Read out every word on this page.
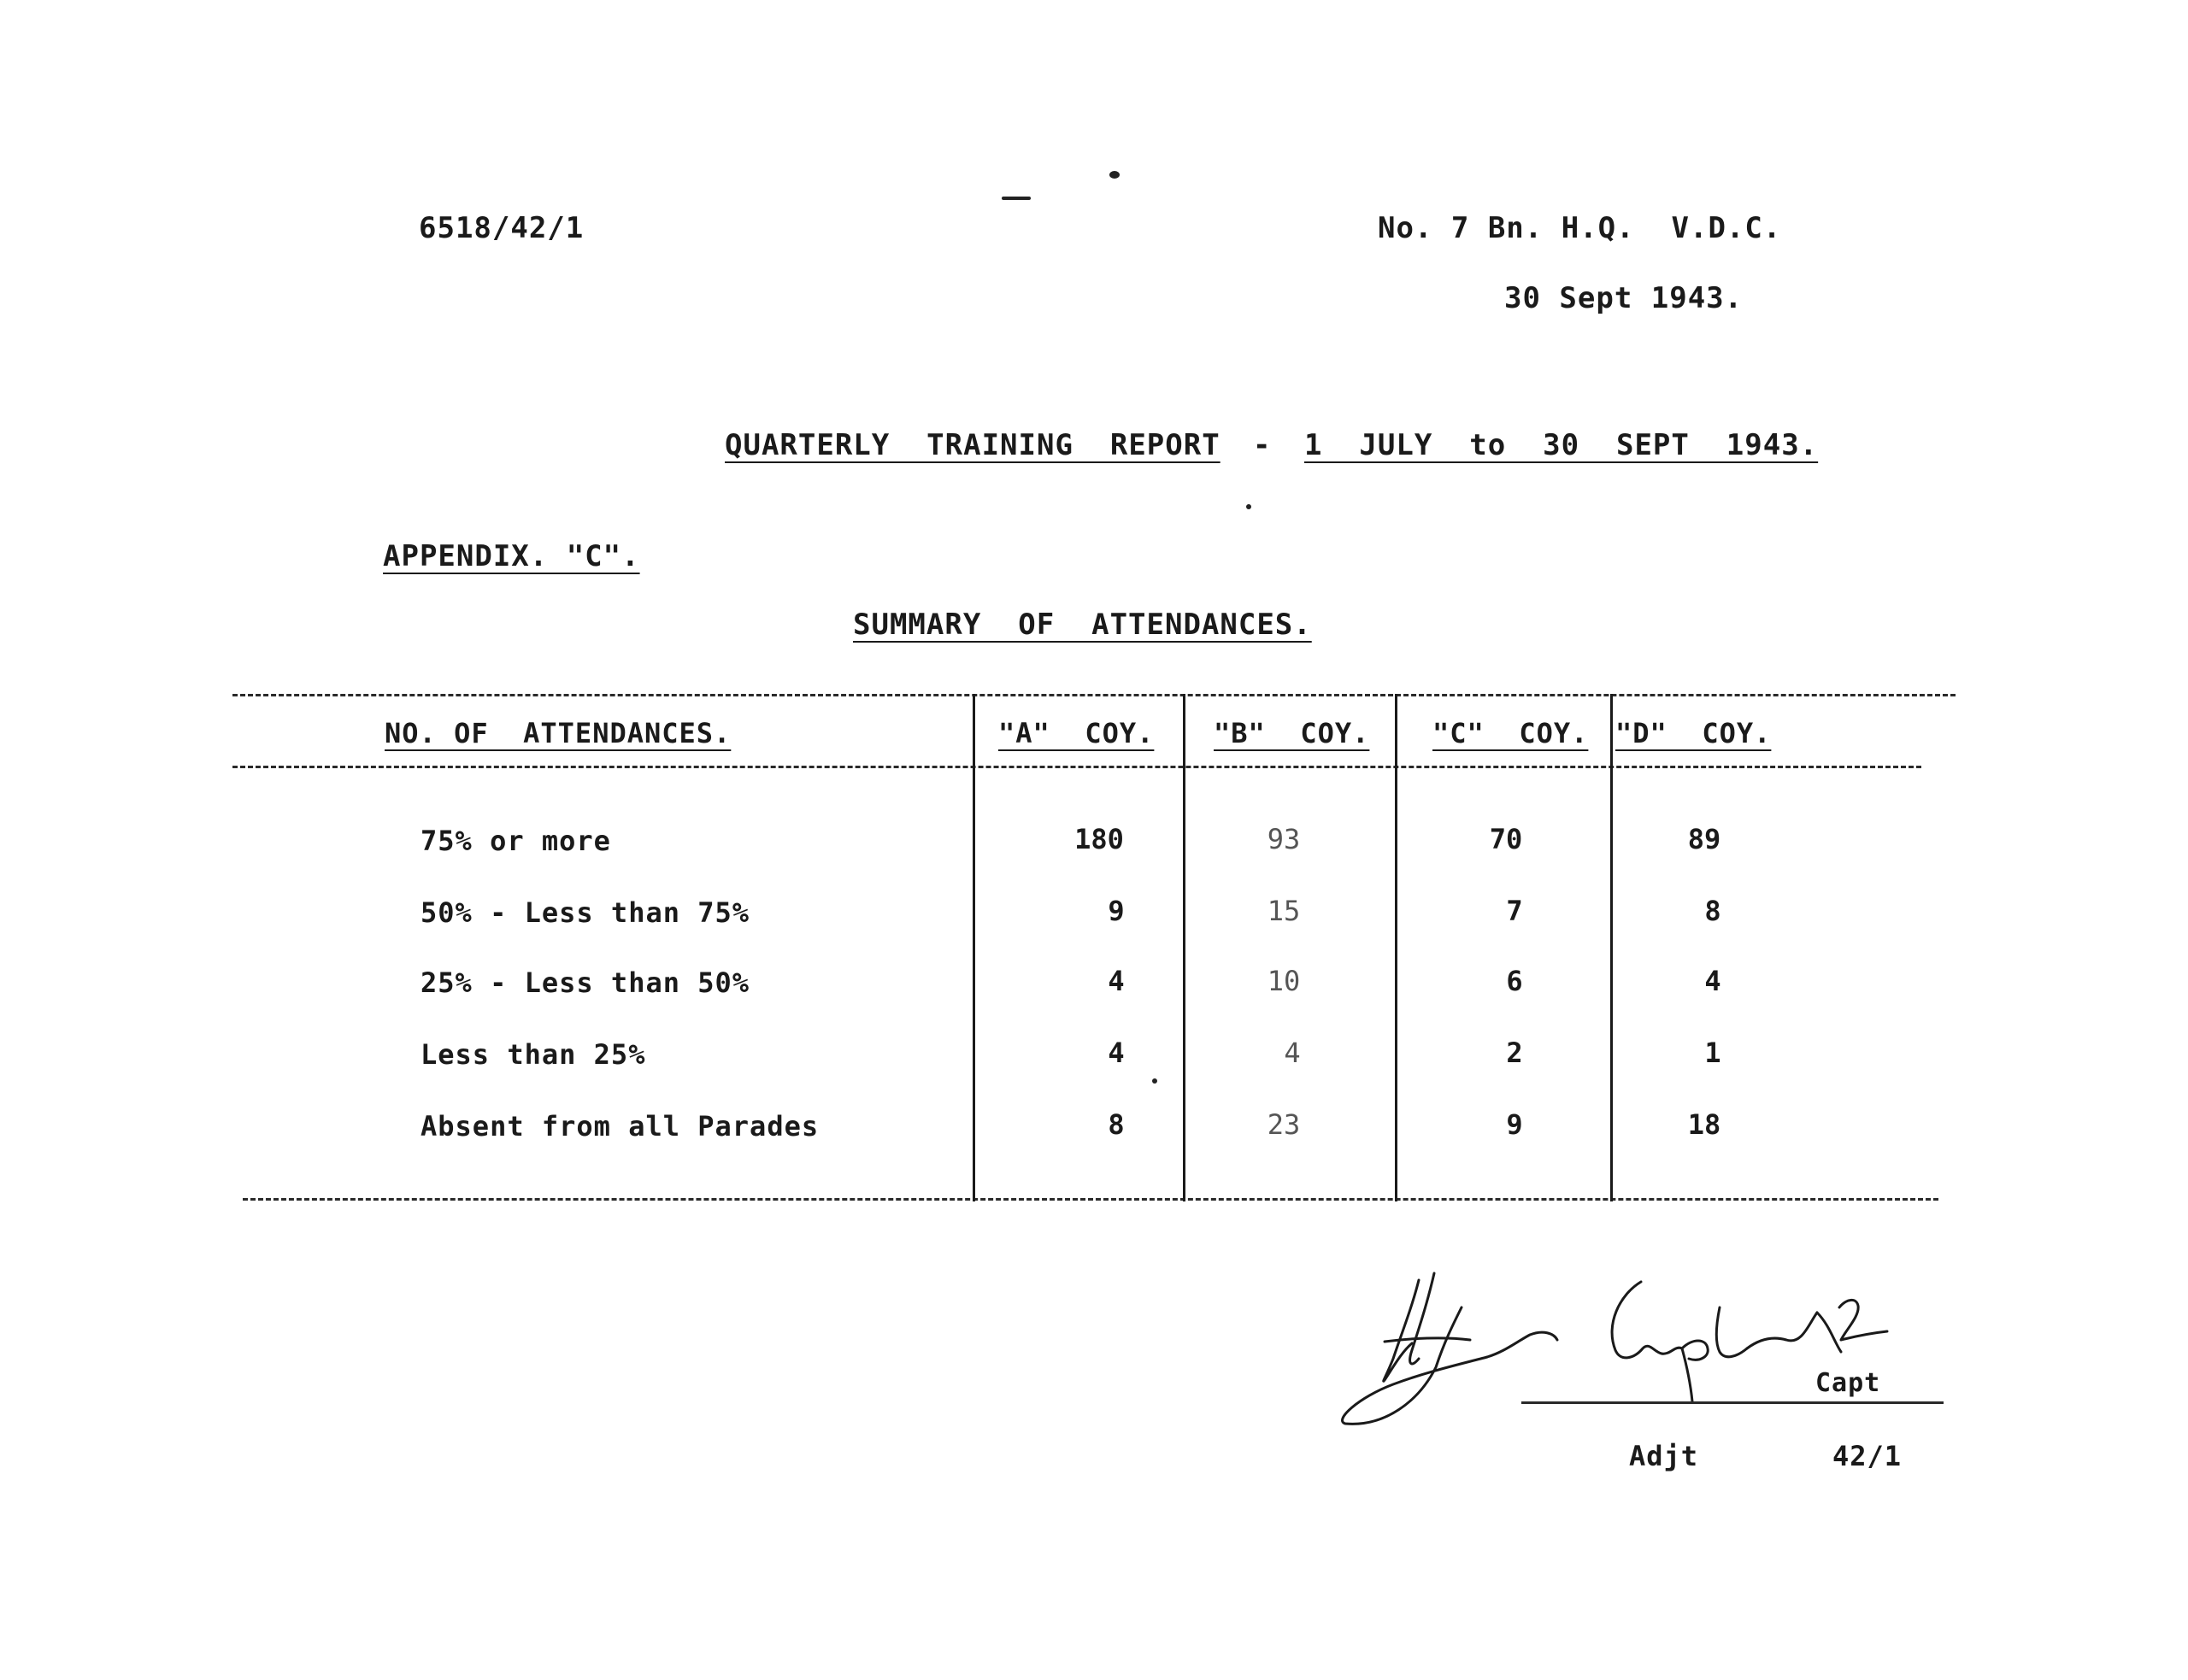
6518/42/1	No. 7 Bn. H.Q.  V.D.C.
30 Sept 1943.
QUARTERLY  TRAINING  REPORT - 1  JULY  to  30  SEPT  1943.
APPENDIX. "C".
SUMMARY  OF  ATTENDANCES.
NO. OF  ATTENDANCES.	"A"  COY. "B"  COY. "C"  COY. "D"  COY.
75% or more	180	93	70	89
50% - Less than 75%	9	15	7	8
25% - Less than 50%	4	10	6	4
Less than 25%	4	4	2	1
Absent from all Parades	8	23	9	18
Capt
Adjt	42/1
